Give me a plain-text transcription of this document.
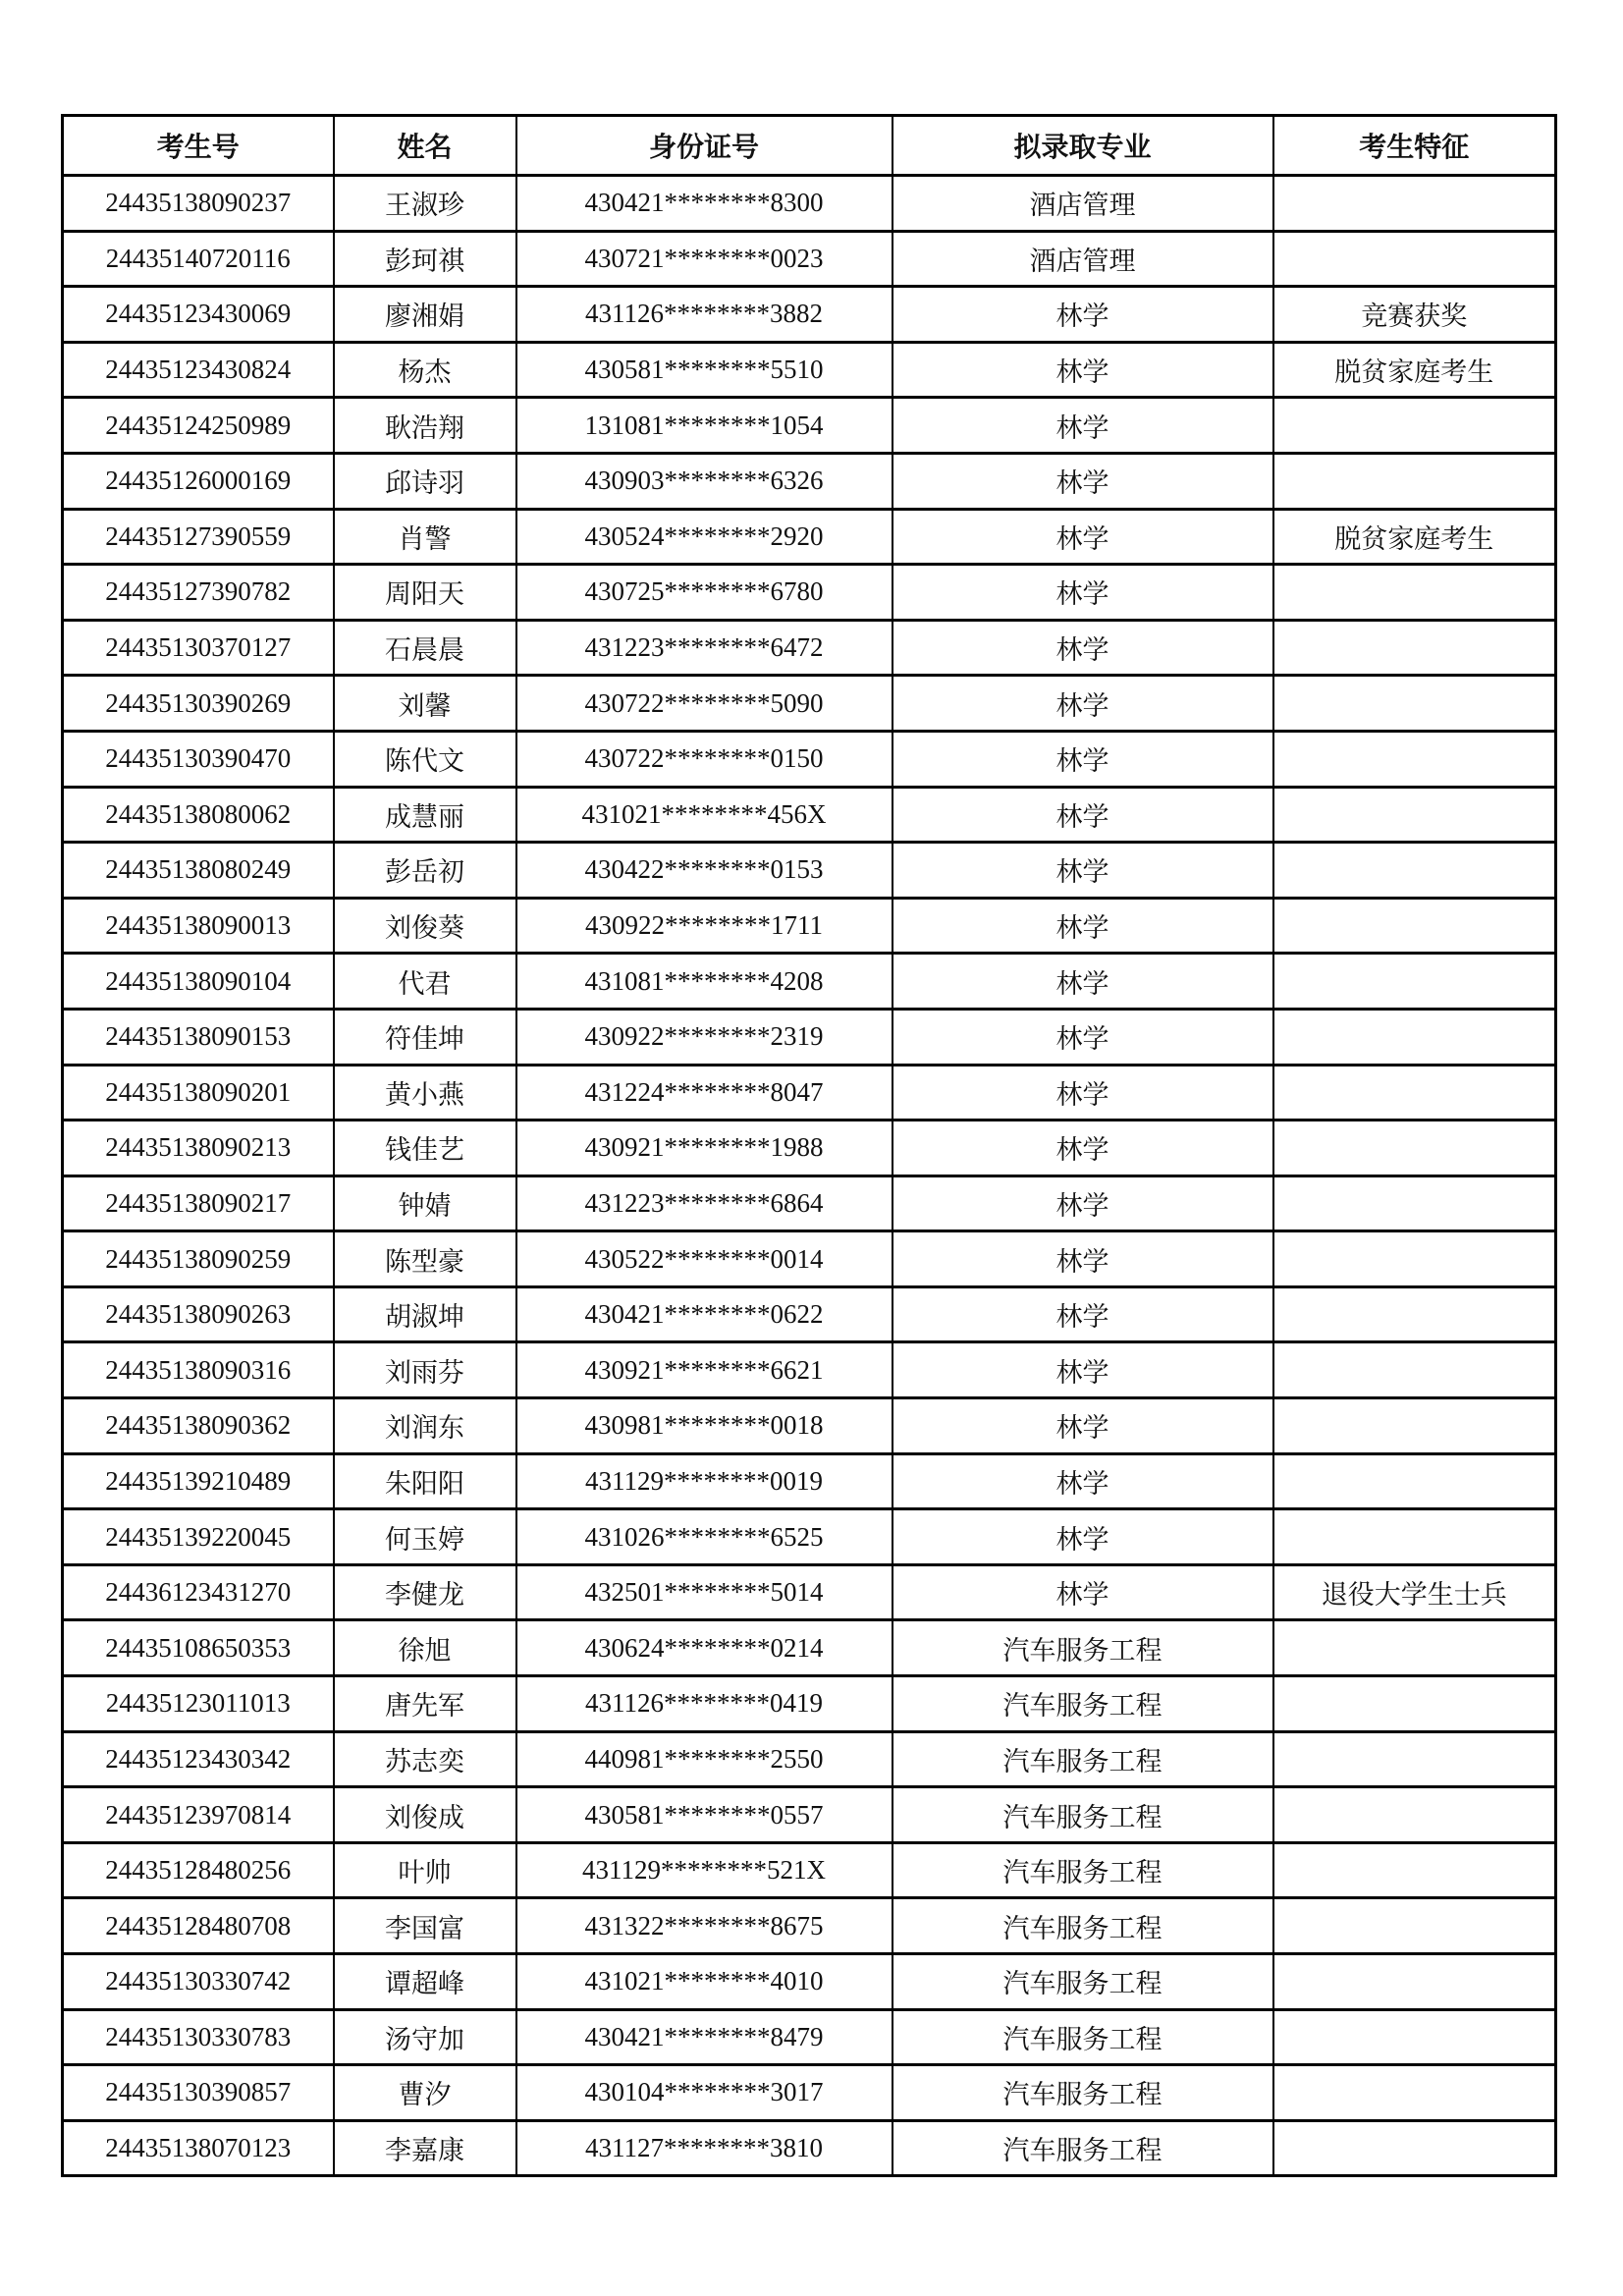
考生号	姓名	身份证号	拟录取专业	考生特征
24435138090237	王淑珍	430421********8300	酒店管理	
24435140720116	彭珂祺	430721********0023	酒店管理	
24435123430069	廖湘娟	431126********3882	林学	竞赛获奖
24435123430824	杨杰	430581********5510	林学	脱贫家庭考生
24435124250989	耿浩翔	131081********1054	林学	
24435126000169	邱诗羽	430903********6326	林学	
24435127390559	肖警	430524********2920	林学	脱贫家庭考生
24435127390782	周阳天	430725********6780	林学	
24435130370127	石晨晨	431223********6472	林学	
24435130390269	刘馨	430722********5090	林学	
24435130390470	陈代文	430722********0150	林学	
24435138080062	成慧丽	431021********456X	林学	
24435138080249	彭岳初	430422********0153	林学	
24435138090013	刘俊葵	430922********1711	林学	
24435138090104	代君	431081********4208	林学	
24435138090153	符佳坤	430922********2319	林学	
24435138090201	黄小燕	431224********8047	林学	
24435138090213	钱佳艺	430921********1988	林学	
24435138090217	钟婧	431223********6864	林学	
24435138090259	陈型豪	430522********0014	林学	
24435138090263	胡淑坤	430421********0622	林学	
24435138090316	刘雨芬	430921********6621	林学	
24435138090362	刘润东	430981********0018	林学	
24435139210489	朱阳阳	431129********0019	林学	
24435139220045	何玉婷	431026********6525	林学	
24436123431270	李健龙	432501********5014	林学	退役大学生士兵
24435108650353	徐旭	430624********0214	汽车服务工程	
24435123011013	唐先军	431126********0419	汽车服务工程	
24435123430342	苏志奕	440981********2550	汽车服务工程	
24435123970814	刘俊成	430581********0557	汽车服务工程	
24435128480256	叶帅	431129********521X	汽车服务工程	
24435128480708	李国富	431322********8675	汽车服务工程	
24435130330742	谭超峰	431021********4010	汽车服务工程	
24435130330783	汤守加	430421********8479	汽车服务工程	
24435130390857	曹汐	430104********3017	汽车服务工程	
24435138070123	李嘉康	431127********3810	汽车服务工程	
